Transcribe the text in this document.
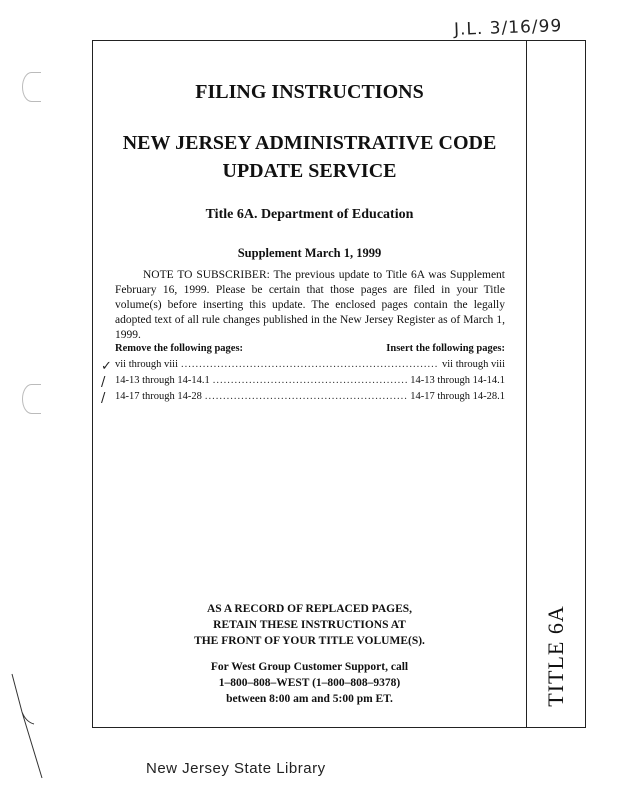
J.L. 3/16/99
FILING INSTRUCTIONS
NEW JERSEY ADMINISTRATIVE CODE
UPDATE SERVICE
Title 6A. Department of Education
Supplement March 1, 1999

NOTE TO SUBSCRIBER: The previous update to Title 6A was Supplement February 16, 1999. Please be certain that those pages are filed in your Title volume(s) before inserting this update. The enclosed pages contain the legally adopted text of all rule changes published in the New Jersey Register as of March 1, 1999.

Remove the following pages:	Insert the following pages:
✓ vii through viii .....	vii through viii
/ 14-13 through 14-14.1 .....	14-13 through 14-14.1
/ 14-17 through 14-28 .....	14-17 through 14-28.1

AS A RECORD OF REPLACED PAGES,
RETAIN THESE INSTRUCTIONS AT
THE FRONT OF YOUR TITLE VOLUME(S).

For West Group Customer Support, call
1–800–808–WEST (1–800–808–9378)
between 8:00 am and 5:00 pm ET.	TITLE 6A
New Jersey State Library
